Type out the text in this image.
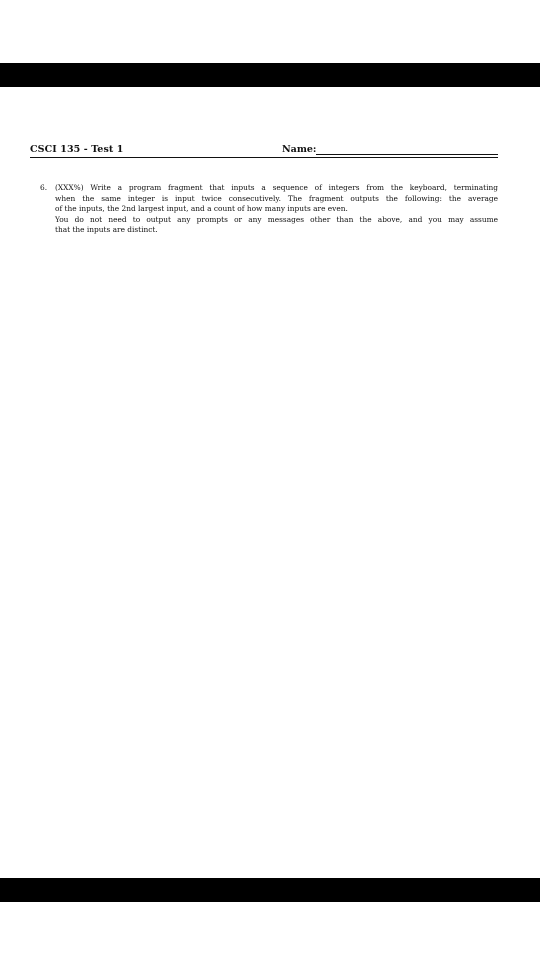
CSCI 135 - Test 1	Name:
6. (XXX%) Write a program fragment that inputs a sequence of integers from the keyboard, terminating
when the same integer is input twice consecutively. The fragment outputs the following: the average
of the inputs, the 2nd largest input, and a count of how many inputs are even.
You do not need to output any prompts or any messages other than the above, and you may assume
that the inputs are distinct.
